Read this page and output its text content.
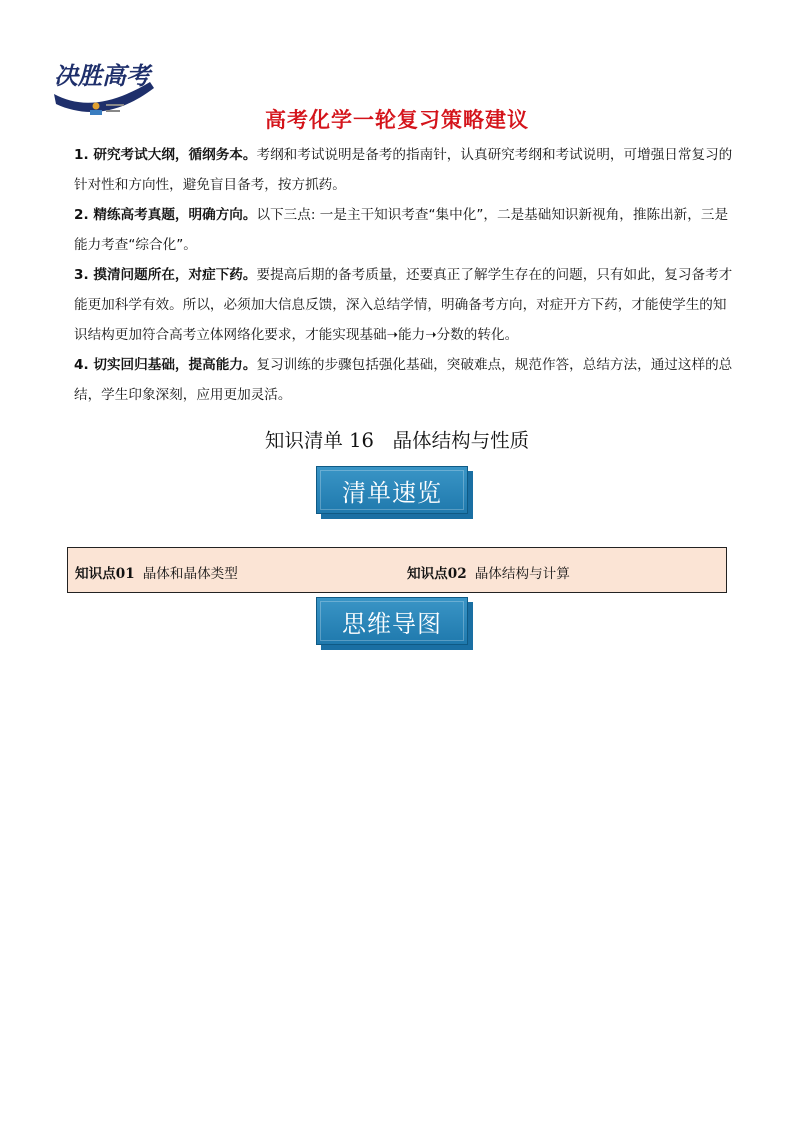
决胜高考
高考化学一轮复习策略建议

1. 研究考试大纲，循纲务本。考纲和考试说明是备考的指南针，认真研究考纲和考试说明，可增强日常复习的针对性和方向性，避免盲目备考，按方抓药。

2. 精练高考真题，明确方向。以下三点: 一是主干知识考查“集中化”，二是基础知识新视角，推陈出新，三是能力考查“综合化”。

3. 摸清问题所在，对症下药。要提高后期的备考质量，还要真正了解学生存在的问题，只有如此，复习备考才能更加科学有效。所以，必须加大信息反馈，深入总结学情，明确备考方向，对症开方下药，才能使学生的知识结构更加符合高考立体网络化要求，才能实现基础➝能力➝分数的转化。

4. 切实回归基础，提高能力。复习训练的步骤包括强化基础，突破难点，规范作答，总结方法，通过这样的总结，学生印象深刻，应用更加灵活。

知识清单 16 晶体结构与性质
清单速览
知识点01 晶体和晶体类型	知识点02 晶体结构与计算
思维导图
